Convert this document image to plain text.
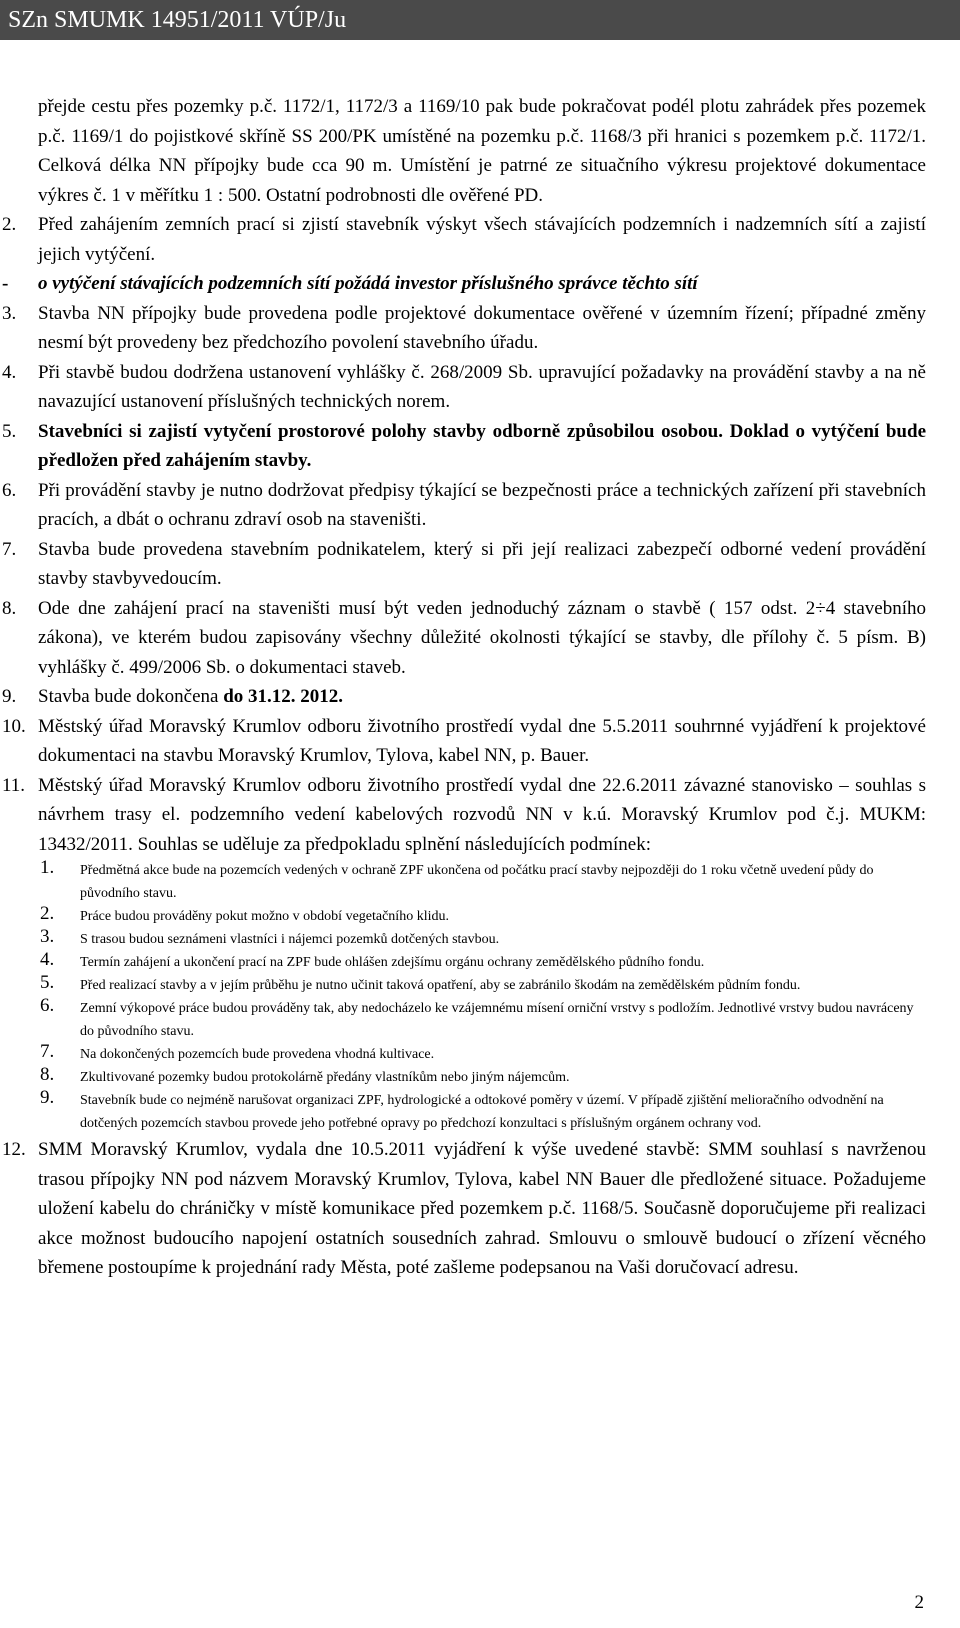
SZn SMUMK 14951/2011 VÚP/Ju
přejde cestu přes pozemky p.č. 1172/1, 1172/3 a 1169/10 pak bude pokračovat podél plotu zahrádek přes pozemek p.č. 1169/1 do pojistkové skříně SS 200/PK umístěné na pozemku p.č. 1168/3 při hranici s pozemkem p.č. 1172/1. Celková délka NN přípojky bude cca 90 m. Umístění je patrné ze situačního výkresu projektové dokumentace výkres č. 1 v měřítku 1 : 500. Ostatní podrobnosti dle ověřené PD.
2. Před zahájením zemních prací si zjistí stavebník výskyt všech stávajících podzemních i nadzemních sítí a zajistí jejich vytýčení.
- o vytýčení stávajících podzemních sítí požádá investor příslušného správce těchto sítí
3. Stavba NN přípojky bude provedena podle projektové dokumentace ověřené v územním řízení; případné změny nesmí být provedeny bez předchozího povolení stavebního úřadu.
4. Při stavbě budou dodržena ustanovení vyhlášky č. 268/2009 Sb. upravující požadavky na provádění stavby a na ně navazující ustanovení příslušných technických norem.
5. Stavebníci si zajistí vytyčení prostorové polohy stavby odborně způsobilou osobou. Doklad o vytýčení bude předložen před zahájením stavby.
6. Při provádění stavby je nutno dodržovat předpisy týkající se bezpečnosti práce a technických zařízení při stavebních pracích, a dbát o ochranu zdraví osob na staveništi.
7. Stavba bude provedena stavebním podnikatelem, který si při její realizaci zabezpečí odborné vedení provádění stavby stavbyvedoucím.
8. Ode dne zahájení prací na staveništi musí být veden jednoduchý záznam o stavbě ( 157 odst. 2÷4 stavebního zákona), ve kterém budou zapisovány všechny důležité okolnosti týkající se stavby, dle přílohy č. 5 písm. B) vyhlášky č. 499/2006 Sb. o dokumentaci staveb.
9. Stavba bude dokončena do 31.12. 2012.
10. Městský úřad Moravský Krumlov odboru životního prostředí vydal dne 5.5.2011 souhrnné vyjádření k projektové dokumentaci na stavbu Moravský Krumlov, Tylova, kabel NN, p. Bauer.
11. Městský úřad Moravský Krumlov odboru životního prostředí vydal dne 22.6.2011 závazné stanovisko – souhlas s návrhem trasy el. podzemního vedení kabelových rozvodů NN v k.ú. Moravský Krumlov pod č.j. MUKM: 13432/2011. Souhlas se uděluje za předpokladu splnění následujících podmínek:
1. Předmětná akce bude na pozemcích vedených v ochraně ZPF ukončena od počátku prací stavby nejpozději do 1 roku včetně uvedení půdy do původního stavu.
2. Práce budou prováděny pokut možno v období vegetačního klidu.
3. S trasou budou seznámeni vlastníci i nájemci pozemků dotčených stavbou.
4. Termín zahájení a ukončení prací na ZPF bude ohlášen zdejšímu orgánu ochrany zemědělského půdního fondu.
5. Před realizací stavby a v jejím průběhu je nutno učinit taková opatření, aby se zabránilo škodám na zemědělském půdním fondu.
6. Zemní výkopové práce budou prováděny tak, aby nedocházelo ke vzájemnému mísení orniční vrstvy s podložím. Jednotlivé vrstvy budou navráceny do původního stavu.
7. Na dokončených pozemcích bude provedena vhodná kultivace.
8. Zkultivované pozemky budou protokolárně předány vlastníkům nebo jiným nájemcům.
9. Stavebník bude co nejméně narušovat organizaci ZPF, hydrologické a odtokové poměry v území. V případě zjištění melioračního odvodnění na dotčených pozemcích stavbou provede jeho potřebné opravy po předchozí konzultaci s příslušným orgánem ochrany vod.
12. SMM Moravský Krumlov, vydala dne 10.5.2011 vyjádření k výše uvedené stavbě: SMM souhlasí s navrženou trasou přípojky NN pod názvem Moravský Krumlov, Tylova, kabel NN Bauer dle předložené situace. Požadujeme uložení kabelu do chráničky v místě komunikace před pozemkem p.č. 1168/5. Současně doporučujeme při realizaci akce možnost budoucího napojení ostatních sousedních zahrad. Smlouvu o smlouvě budoucí o zřízení věcného břemene postoupíme k projednání rady Města, poté zašleme podepsanou na Vaši doručovací adresu.
2
